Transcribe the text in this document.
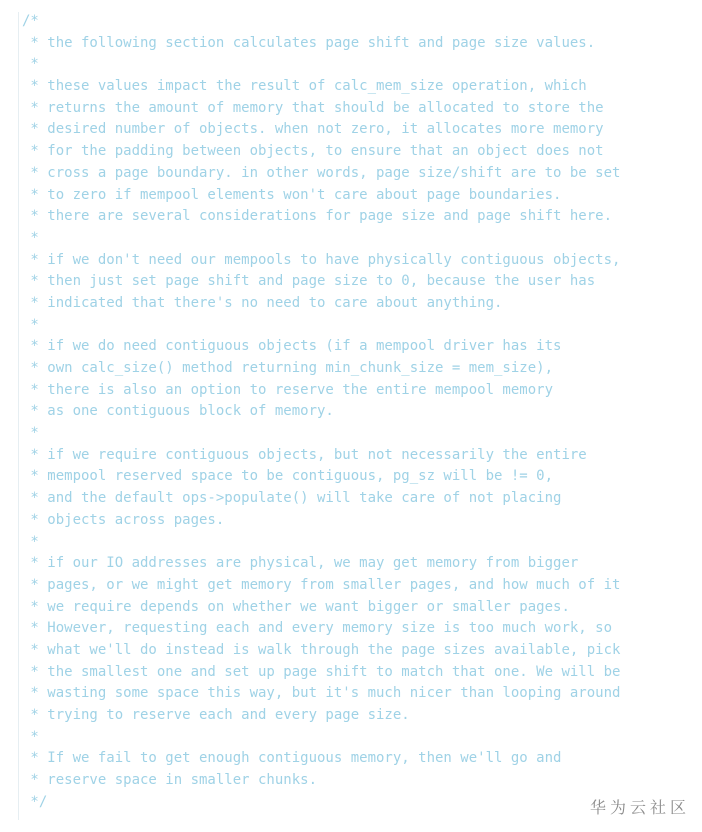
/*
* the following section calculates page shift and page size values.
*
* these values impact the result of calc_mem_size operation, which
* returns the amount of memory that should be allocated to store the
* desired number of objects. when not zero, it allocates more memory
* for the padding between objects, to ensure that an object does not
* cross a page boundary. in other words, page size/shift are to be set
* to zero if mempool elements won't care about page boundaries.
* there are several considerations for page size and page shift here.
*
* if we don't need our mempools to have physically contiguous objects,
* then just set page shift and page size to 0, because the user has
* indicated that there's no need to care about anything.
*
* if we do need contiguous objects (if a mempool driver has its
* own calc_size() method returning min_chunk_size = mem_size),
* there is also an option to reserve the entire mempool memory
* as one contiguous block of memory.
*
* if we require contiguous objects, but not necessarily the entire
* mempool reserved space to be contiguous, pg_sz will be != 0,
* and the default ops->populate() will take care of not placing
* objects across pages.
*
* if our IO addresses are physical, we may get memory from bigger
* pages, or we might get memory from smaller pages, and how much of it
* we require depends on whether we want bigger or smaller pages.
* However, requesting each and every memory size is too much work, so
* what we'll do instead is walk through the page sizes available, pick
* the smallest one and set up page shift to match that one. We will be
* wasting some space this way, but it's much nicer than looping around
* trying to reserve each and every page size.
*
* If we fail to get enough contiguous memory, then we'll go and
* reserve space in smaller chunks.
*/	华为云社区
